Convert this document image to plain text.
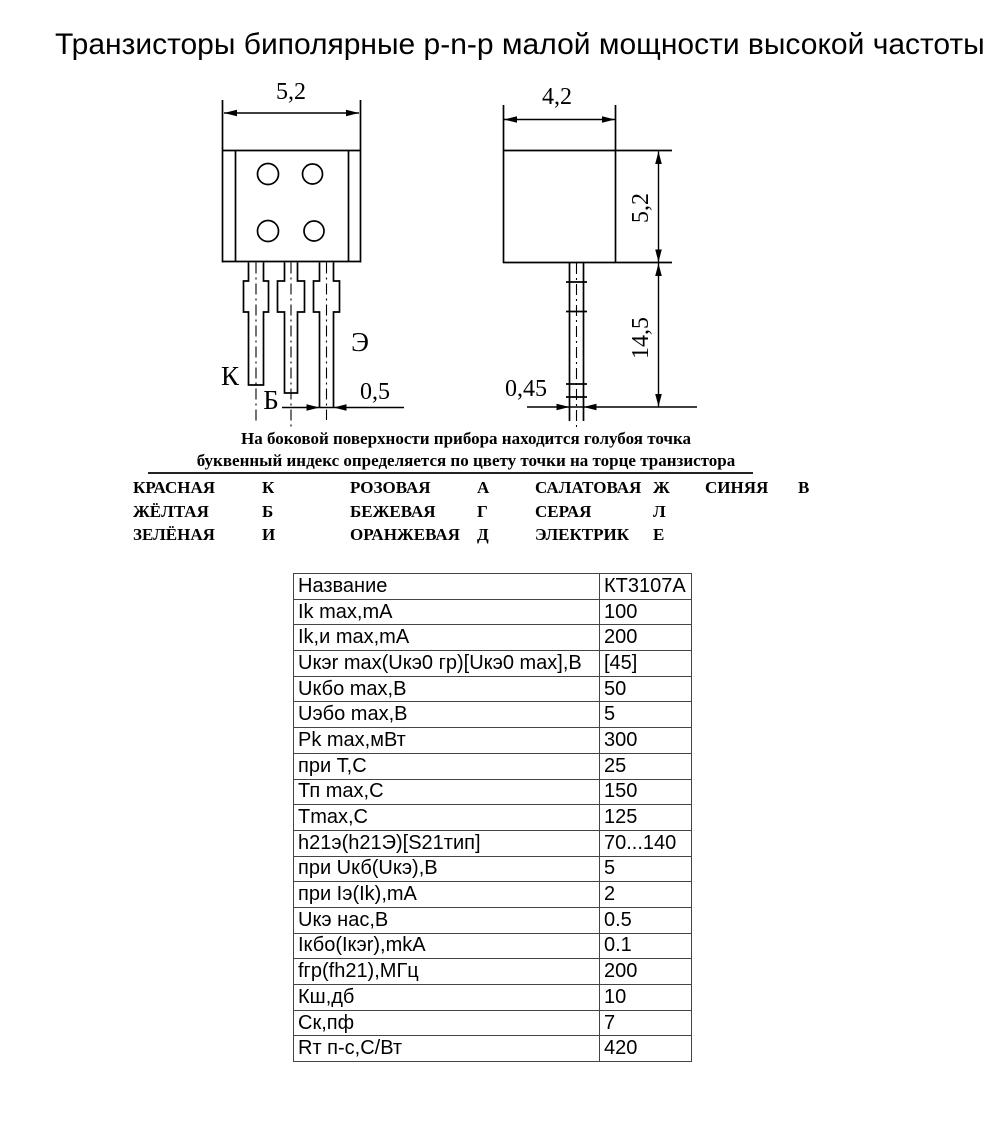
Транзисторы биполярные p-n-p малой мощности высокой частоты
5,2
0,5
К
Б
Э
4,2
5,2
14,5
0,45
На боковой поверхности прибора находится голубоя точка
буквенный индекс определяется по цвету точки на торце транзистора
КРАСНАЯ	К	РОЗОВАЯ	А	САЛАТОВАЯ Ж	СИНЯЯ	В
ЖЁЛТАЯ	Б	БЕЖЕВАЯ	Г	СЕРАЯ	Л
ЗЕЛЁНАЯ	И	ОРАНЖЕВАЯ	Д	ЭЛЕКТРИК	Е
Название	КТ3107А
Ik max,mA	100
Ik,и max,mA	200
Uкэr max(Uкэ0 гр)[Uкэ0 max],В	[45]
Uкбо max,В	50
Uэбо max,В	5
Pk max,мВт	300
при Т,С	25
Тп max,С	150
Tmax,C	125
h21э(h21Э)[S21тип]	70...140
при Uкб(Uкэ),В	5
при Iэ(Ik),mA	2
Uкэ нас,В	0.5
Iкбо(Iкэr),mkA	0.1
fгр(fh21),МГц	200
Кш,дб	10
Ск,пф	7
Rт п-с,С/Вт	420
